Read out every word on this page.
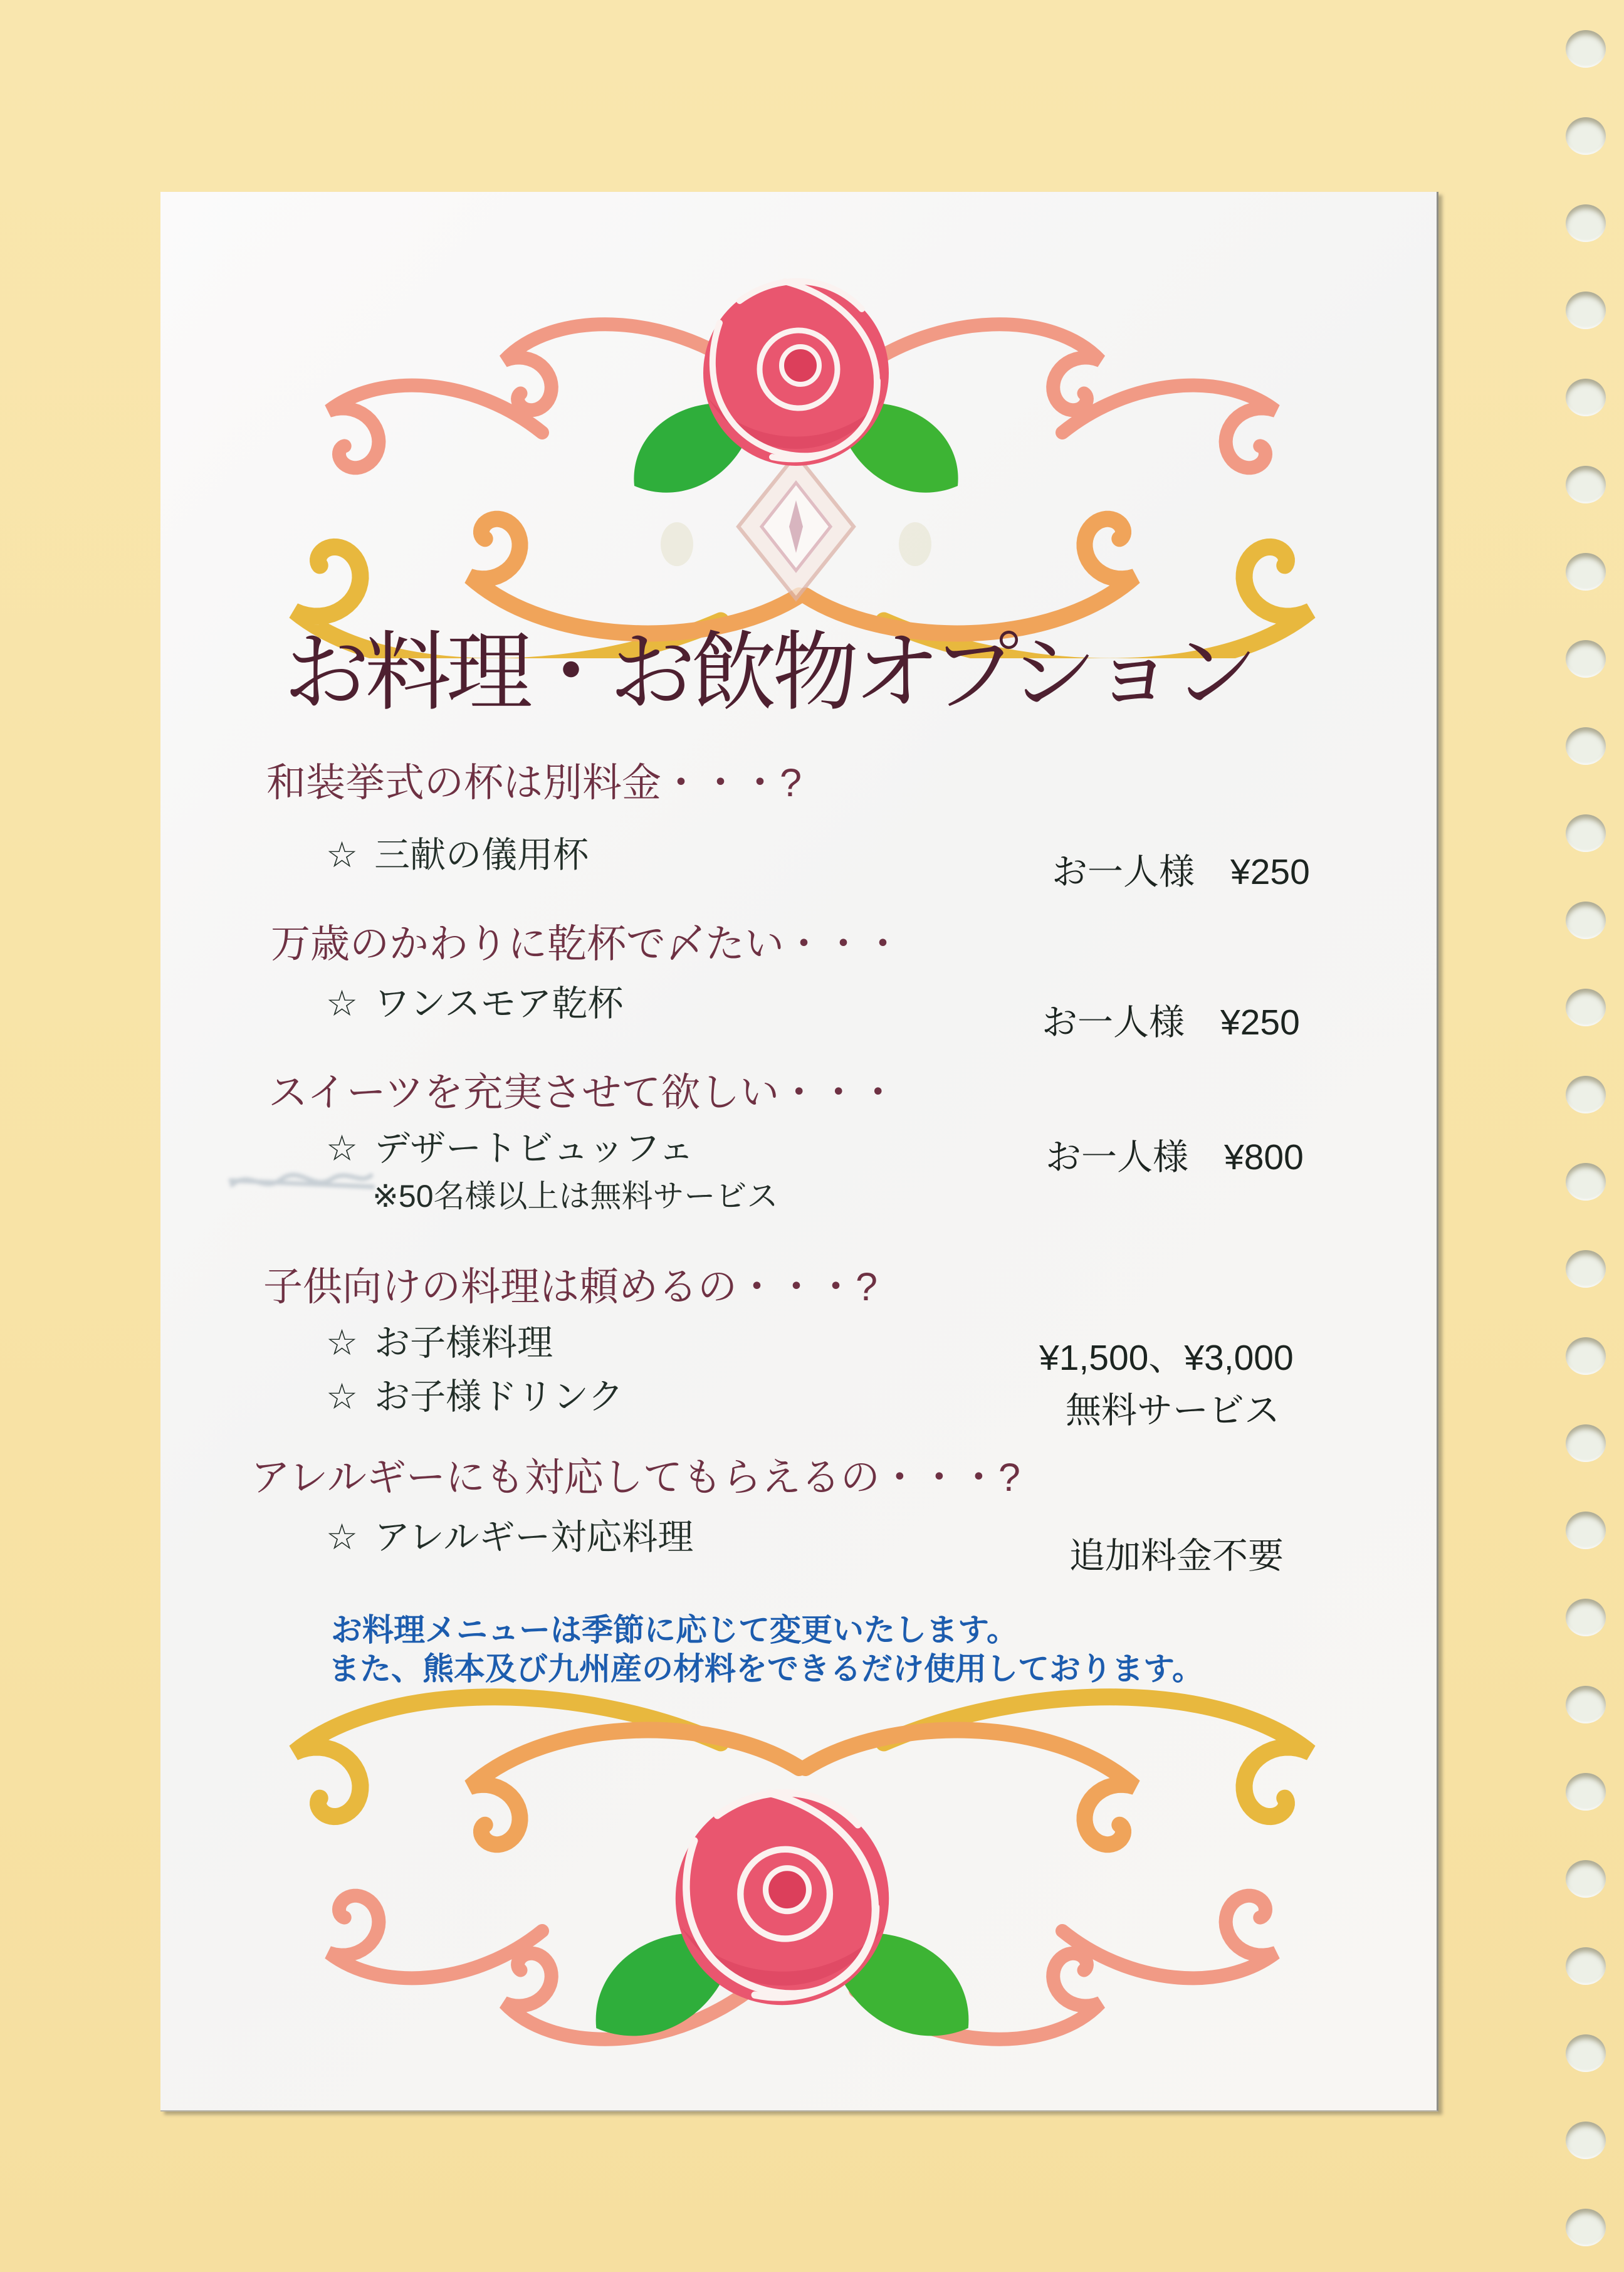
お料理・お飲物オプション
和装挙式の杯は別料金・・・?
☆ 三献の儀用杯	お一人様　¥250
万歳のかわりに乾杯で〆たい・・・
☆ ワンスモア乾杯	お一人様　¥250
スイーツを充実させて欲しい・・・
☆ デザートビュッフェ	お一人様　¥800
※50名様以上は無料サービス
子供向けの料理は頼めるの・・・?
☆ お子様料理	¥1,500、¥3,000
☆ お子様ドリンク	無料サービス
アレルギーにも対応してもらえるの・・・?
☆ アレルギー対応料理	追加料金不要
お料理メニューは季節に応じて変更いたします。
また、熊本及び九州産の材料をできるだけ使用しております。
